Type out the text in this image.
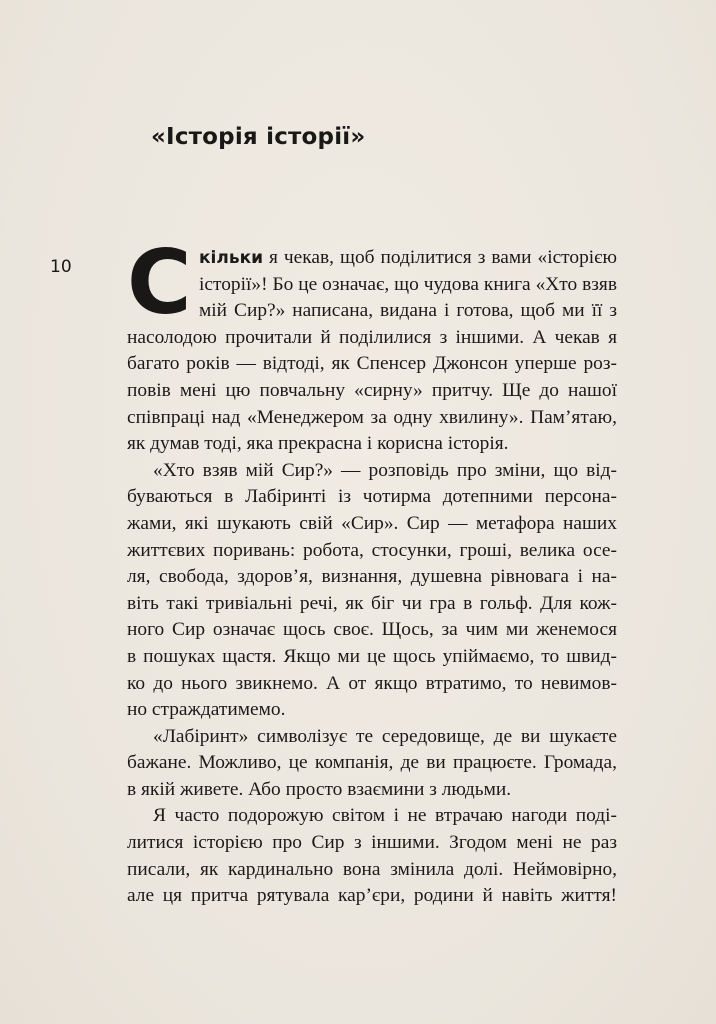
«Історія історії»
10 С кільки я чекав, щоб поділитися з вами «історією
історії»! Бо це означає, що чудова книга «Хто взяв
мій Сир?» написана, видана і готова, щоб ми її з
насолодою прочитали й поділилися з іншими. А чекав я
багато років — відтоді, як Спенсер Джонсон уперше роз-
повів мені цю повчальну «сирну» притчу. Ще до нашої
співпраці над «Менеджером за одну хвилину». Пам’ятаю,
як думав тоді, яка прекрасна і корисна історія.
«Хто взяв мій Сир?» — розповідь про зміни, що від-
буваються в Лабіринті із чотирма дотепними персона-
жами, які шукають свій «Сир». Сир — метафора наших
життєвих поривань: робота, стосунки, гроші, велика осе-
ля, свобода, здоров’я, визнання, душевна рівновага і на-
віть такі тривіальні речі, як біг чи гра в гольф. Для кож-
ного Сир означає щось своє. Щось, за чим ми женемося
в пошуках щастя. Якщо ми це щось упіймаємо, то швид-
ко до нього звикнемо. А от якщо втратимо, то невимов-
но страждатимемо.
«Лабіринт» символізує те середовище, де ви шукаєте
бажане. Можливо, це компанія, де ви працюєте. Громада,
в якій живете. Або просто взаємини з людьми.
Я часто подорожую світом і не втрачаю нагоди поді-
литися історією про Сир з іншими. Згодом мені не раз
писали, як кардинально вона змінила долі. Неймовірно,
але ця притча рятувала кар’єри, родини й навіть життя!
